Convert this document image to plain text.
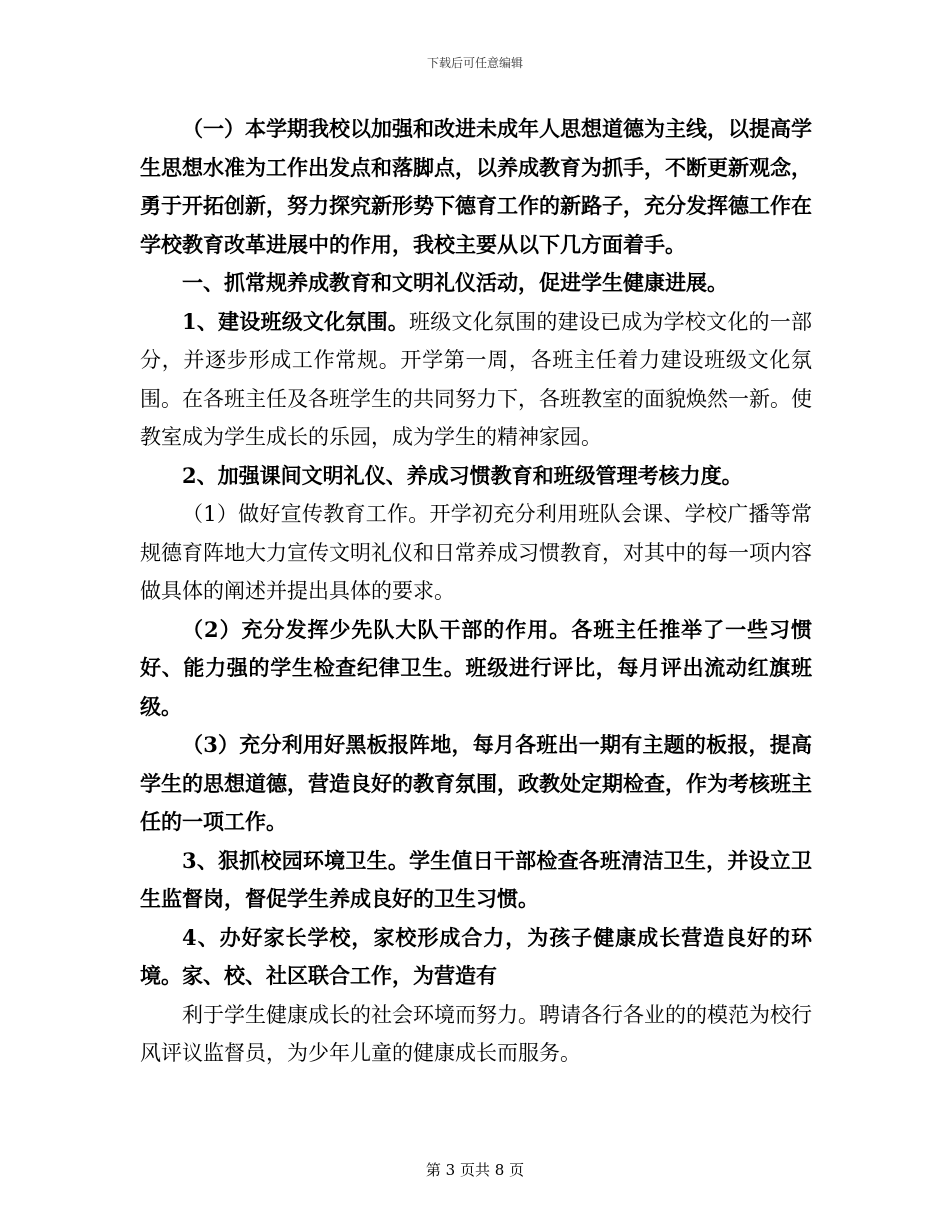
下载后可任意编辑

（一）本学期我校以加强和改进未成年人思想道德为主线，以提高学生思想水准为工作出发点和落脚点，以养成教育为抓手，不断更新观念，勇于开拓创新，努力探究新形势下德育工作的新路子，充分发挥德工作在学校教育改革进展中的作用，我校主要从以下几方面着手。

一、抓常规养成教育和文明礼仪活动，促进学生健康进展。

1、建设班级文化氛围。班级文化氛围的建设已成为学校文化的一部分，并逐步形成工作常规。开学第一周，各班主任着力建设班级文化氛围。在各班主任及各班学生的共同努力下，各班教室的面貌焕然一新。使教室成为学生成长的乐园，成为学生的精神家园。

2、加强课间文明礼仪、养成习惯教育和班级管理考核力度。

（1）做好宣传教育工作。开学初充分利用班队会课、学校广播等常规德育阵地大力宣传文明礼仪和日常养成习惯教育，对其中的每一项内容做具体的阐述并提出具体的要求。

（2）充分发挥少先队大队干部的作用。各班主任推举了一些习惯好、能力强的学生检查纪律卫生。班级进行评比，每月评出流动红旗班级。

（3）充分利用好黑板报阵地，每月各班出一期有主题的板报，提高学生的思想道德，营造良好的教育氛围，政教处定期检查，作为考核班主任的一项工作。

3、狠抓校园环境卫生。学生值日干部检查各班清洁卫生，并设立卫生监督岗，督促学生养成良好的卫生习惯。

4、办好家长学校，家校形成合力，为孩子健康成长营造良好的环境。家、校、社区联合工作，为营造有

利于学生健康成长的社会环境而努力。聘请各行各业的的模范为校行风评议监督员，为少年儿童的健康成长而服务。

第 3 页共 8 页
